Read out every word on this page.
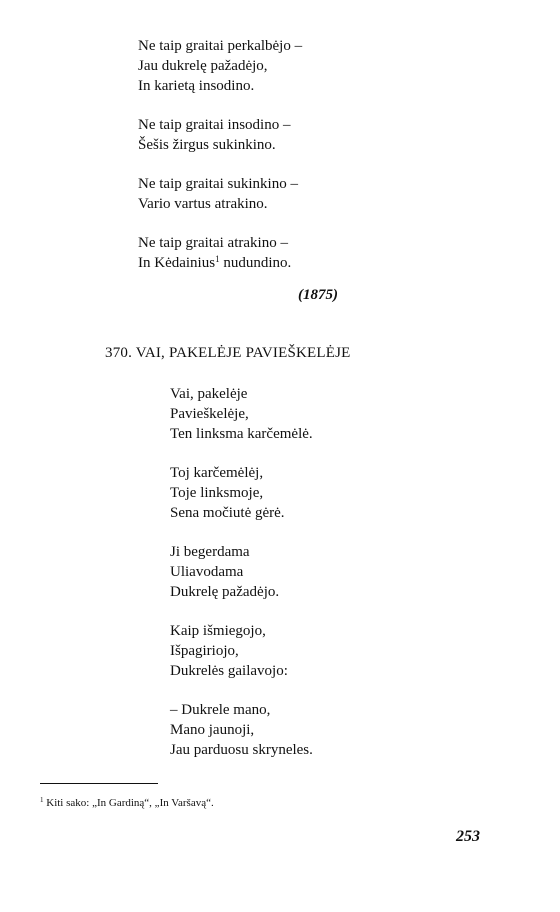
Ne taip graitai perkalbėjo –
Jau dukrelę pažadėjo,
In karietą insodino.
Ne taip graitai insodino –
Šešis žirgus sukinkino.
Ne taip graitai sukinkino –
Vario vartus atrakino.
Ne taip graitai atrakino –
In Kėdainius$^1$ nudundino.
(1875)
370. VAI, PAKELĖJE PAVIEŠKELĖJE
Vai, pakelėje
Pavieškelėje,
Ten linksma karčemėlė.
Toj karčemėlėj,
Toje linksmoje,
Sena močiutė gėrė.
Ji begerdama
Uliavodama
Dukrelę pažadėjo.
Kaip išmiegojo,
Išpagiriojo,
Dukrelės gailavojo:
– Dukrele mano,
Mano jaunoji,
Jau parduosu skryneles.
$^1$ Kiti sako: „In Gardiną“, „In Varšavą“.
253
